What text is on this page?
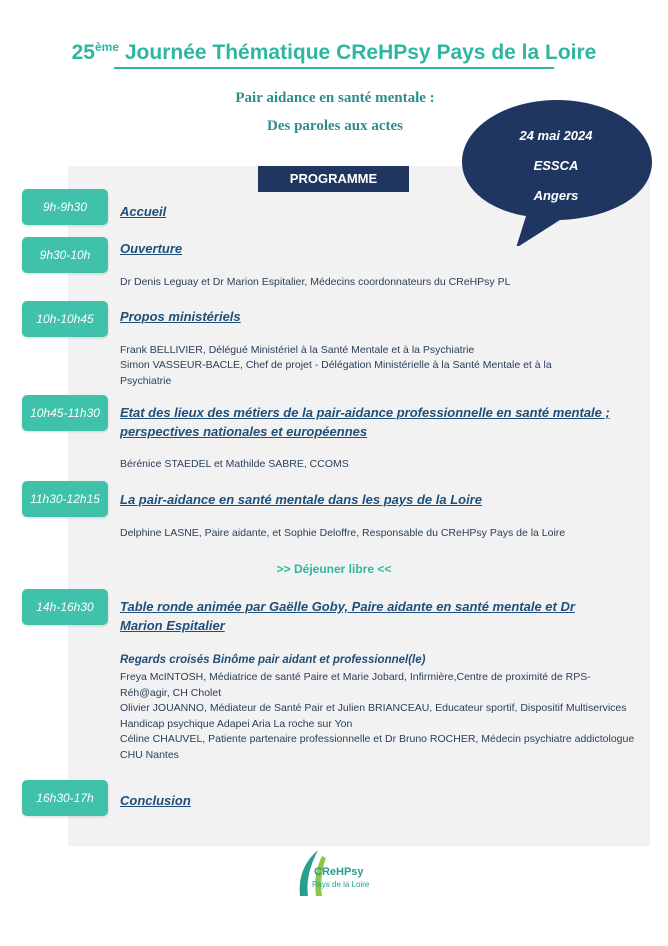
25ème Journée Thématique CReHPsy Pays de la Loire
Pair aidance en santé mentale :
Des paroles aux actes
24 mai 2024
ESSCA
Angers
PROGRAMME
9h-9h30	Accueil
9h30-10h	Ouverture
Dr Denis Leguay et Dr Marion Espitalier, Médecins coordonnateurs du CReHPsy PL
10h-10h45	Propos ministériels
Frank BELLIVIER, Délégué Ministériel à la Santé Mentale et à la Psychiatrie
Simon VASSEUR-BACLE, Chef de projet - Délégation Ministérielle à la Santé Mentale et à la Psychiatrie
10h45-11h30	Etat des lieux des métiers de la pair-aidance professionnelle en santé mentale ; perspectives nationales et européennes
Bérénice STAEDEL et Mathilde SABRE, CCOMS
11h30-12h15	La pair-aidance en santé mentale dans les pays de la Loire
Delphine LASNE, Paire aidante, et Sophie Deloffre, Responsable du CReHPsy Pays de la Loire
>> Déjeuner libre <<
14h-16h30	Table ronde animée par Gaëlle Goby, Paire aidante en santé mentale et Dr Marion Espitalier
Regards croisés Binôme pair aidant et professionnel(le)
Freya McINTOSH, Médiatrice de santé Paire et Marie Jobard, Infirmière,Centre de proximité de RPS-Réh@agir, CH Cholet
Olivier JOUANNO, Médiateur de Santé Pair et Julien BRIANCEAU, Educateur sportif, Dispositif Multiservices Handicap psychique Adapei Aria La roche sur Yon
Céline CHAUVEL, Patiente partenaire professionnelle et Dr Bruno ROCHER, Médecin psychiatre addictologue CHU Nantes
16h30-17h	Conclusion
CReHPsy
Pays de la Loire
